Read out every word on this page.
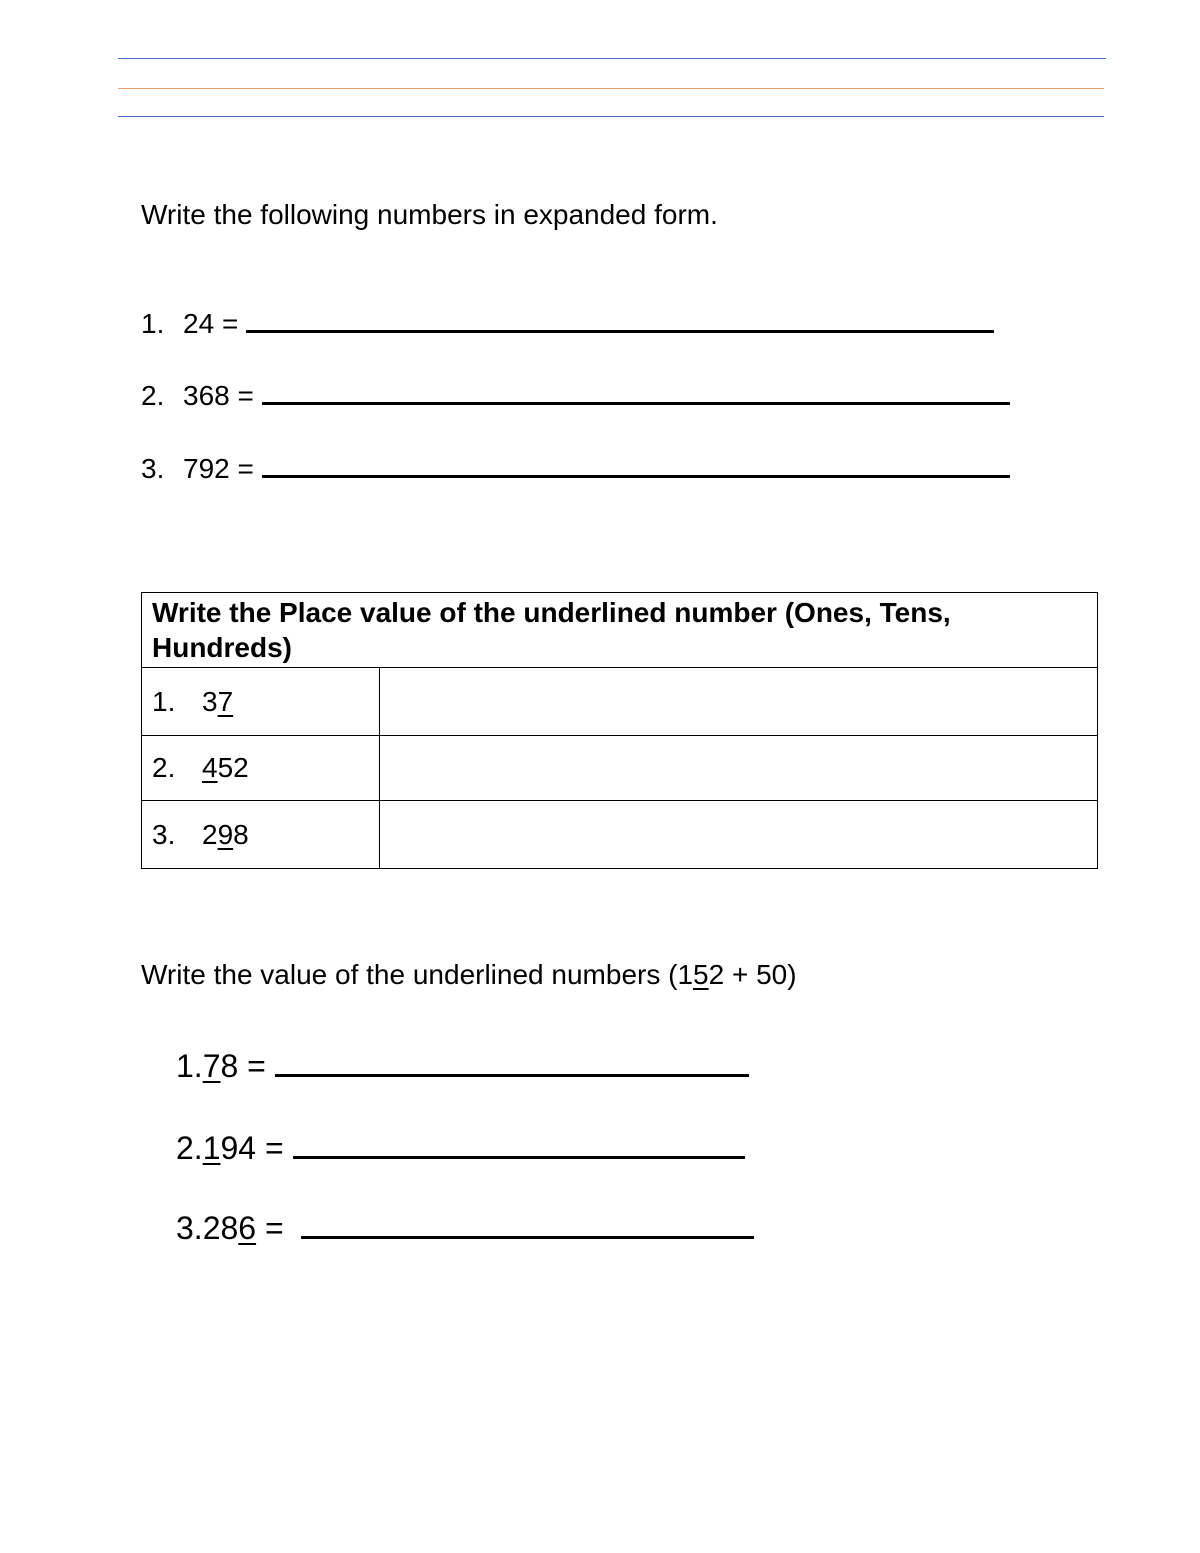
Write the following numbers in expanded form.
1. 24 =
2. 368 =
3. 792 =
Write the Place value of the underlined number (Ones, Tens, Hundreds)	
1. 37	
2. 452	
3. 298	
Write the value of the underlined numbers (152 + 50)
1.78 =
2.194 =
3.286 =
